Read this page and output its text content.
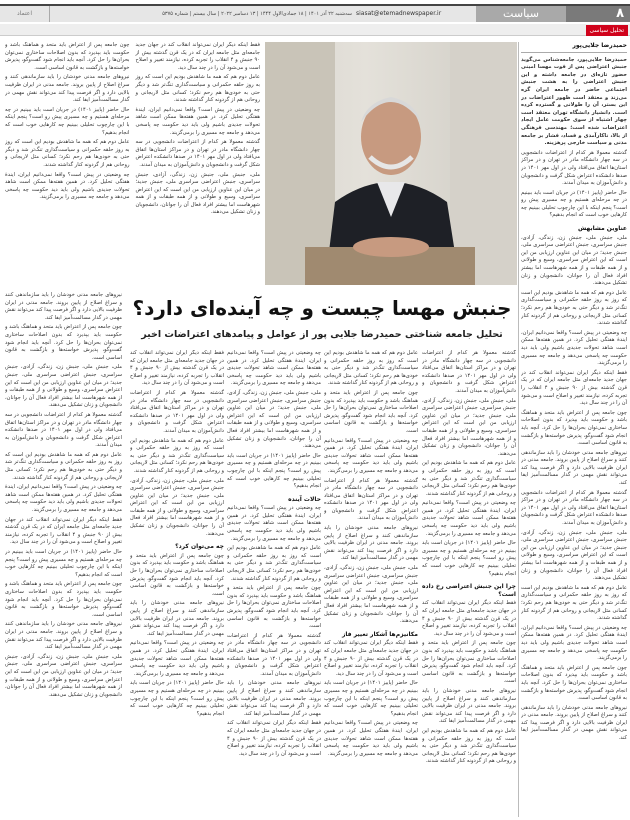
۸
سیاست
siasat@etemadnewspaper.ir
سه‌شنبه ۲۲ آذر ۱۴۰۱ | ۱۸ جمادی‌الاول ۱۴۴۴ | ۱۳ دسامبر ۲۰۲۲ | سال بیستم | شماره ۵۳۷۵
اعتماد
تحلیل سیاسی
حمیدرضا جلایی‌پور

حمیدرضا جلایی‌پور، جامعه‌شناس می‌گوید جنبش اعتراضی پس از فوت مهسا امینی حضور تازه‌ای در جامعه داشته و این جنبش اعتراضی را به هشت جنبش اجتماعی حاضر در جامعه ایران گره می‌زند و معتقد است ظهور اعتراضات در این بستر، آن را طولانی و گسترده کرده است. دانشیار دانشگاه تهران معتقد است چهار اشتباه از سوی حکومت عامل ایجاد اعتراضات شده است؛ مهندسی فرهنگی از بالا، ناکارآمدی و فساد، فشار بر جامعه مدنی و سیاست خارجی پرهزینه.

گذشته معمولا هر کدام از اعتراضات دانشجویی در سه چهار دانشگاه مادر در تهران و در مراکز استان‌ها اتفاق می‌افتاد ولی در اول مهر ۱۴۰۱ در صدها دانشکده اعتراض شکل گرفت و دانشجویان و دانش‌آموزان به میدان آمدند.

حال حاضر (پاییز ۱۴۰۱) در جریان است باید ببینیم در چه مرحله‌ای هستیم و چه مسیری پیش رو است؟ پنجم اینکه با این چارچوب تحلیلی ببینیم چه کارهایی خوب است که انجام بدهیم؟

عناوین مشابهش

ملی، جنبش ملی، جنبش زن، زندگی، آزادی، جنبش سراسری، جنبش اعتراضی سراسری ملی، جنبش جدید؛ در میان این عناوین ارزیابی من این است که این اعتراض سراسری، وسیع و طولانی و از همه طبقات و از همه شهرهاست اما بیشتر افراد فعال آن را جوانان، دانشجویان و زنان تشکیل می‌دهند.

عامل دوم هم که همه ما شاهدش بودیم این است که روز به روز حلقه حکمرانی و سیاست‌گذاری تنگ‌تر شد و دیگر حتی به خودی‌ها هم رحم نکرد؛ کسانی مثل لاریجانی و روحانی هم از گردونه کنار گذاشته شدند.

چه وضعیتی در پیش است؟ واقعا نمی‌دانیم ایران، ایندۀ هفتگی تحلیل کرد. در همین هفته‌ها ممکن است شاهد تحولات جدیدی باشیم ولی باید دید حکومت چه پاسخی می‌دهد و جامعه چه مسیری را برمی‌گزیند.

فقط اینکه دیگر ایران نمی‌تواند انقلاب کند در جهان جدید جامعه‌ای مثل جامعه ایران که در یک قرن گذشته بیش از ۹۰ جنبش و ۴ انقلاب را تجربه کرده، نیازمند تغییر و اصلاح است و می‌شود آن را در چند سال دید.

چون جامعه پس از اعتراض باید متحد و هماهنگ باشد و حکومت باید بپذیرد که بدون اصلاحات ساختاری نمی‌توان بحران‌ها را حل کرد. آنچه باید انجام شود گفت‌وگو، پذیرش خواسته‌ها و بازگشت به قانون اساسی است.

نیروهای جامعه مدنی خودشان را باید سازماندهی کنند و سراغ اصلاح از پایین بروند. جامعه مدنی در ایران ظرفیت بالایی دارد و اگر فرصت پیدا کند می‌تواند نقش مهمی در گذار مسالمت‌آمیز ایفا کند.

گذشته معمولا هر کدام از اعتراضات دانشجویی در سه چهار دانشگاه مادر در تهران و در مراکز استان‌ها اتفاق می‌افتاد ولی در اول مهر ۱۴۰۱ در صدها دانشکده اعتراض شکل گرفت و دانشجویان و دانش‌آموزان به میدان آمدند.

ملی، جنبش ملی، جنبش زن، زندگی، آزادی، جنبش سراسری، جنبش اعتراضی سراسری ملی، جنبش جدید؛ در میان این عناوین ارزیابی من این است که این اعتراض سراسری، وسیع و طولانی و از همه طبقات و از همه شهرهاست اما بیشتر افراد فعال آن را جوانان، دانشجویان و زنان تشکیل می‌دهند.

عامل دوم هم که همه ما شاهدش بودیم این است که روز به روز حلقه حکمرانی و سیاست‌گذاری تنگ‌تر شد و دیگر حتی به خودی‌ها هم رحم نکرد؛ کسانی مثل لاریجانی و روحانی هم از گردونه کنار گذاشته شدند.

چه وضعیتی در پیش است؟ واقعا نمی‌دانیم ایران، ایندۀ هفتگی تحلیل کرد. در همین هفته‌ها ممکن است شاهد تحولات جدیدی باشیم ولی باید دید حکومت چه پاسخی می‌دهد و جامعه چه مسیری را برمی‌گزیند.

چون جامعه پس از اعتراض باید متحد و هماهنگ باشد و حکومت باید بپذیرد که بدون اصلاحات ساختاری نمی‌توان بحران‌ها را حل کرد. آنچه باید انجام شود گفت‌وگو، پذیرش خواسته‌ها و بازگشت به قانون اساسی است.

نیروهای جامعه مدنی خودشان را باید سازماندهی کنند و سراغ اصلاح از پایین بروند. جامعه مدنی در ایران ظرفیت بالایی دارد و اگر فرصت پیدا کند می‌تواند نقش مهمی در گذار مسالمت‌آمیز ایفا کند.

فقط اینکه دیگر ایران نمی‌تواند انقلاب کند در جهان جدید جامعه‌ای مثل جامعه ایران که در یک قرن گذشته بیش از ۹۰ جنبش و ۴ انقلاب را تجربه کرده، نیازمند تغییر و اصلاح است و می‌شود آن را در چند سال دید.

عامل دوم هم که همه ما شاهدش بودیم این است که روز به روز حلقه حکمرانی و سیاست‌گذاری تنگ‌تر شد و دیگر حتی به خودی‌ها هم رحم نکرد؛ کسانی مثل لاریجانی و روحانی هم از گردونه کنار گذاشته شدند.

چه وضعیتی در پیش است؟ واقعا نمی‌دانیم ایران، ایندۀ هفتگی تحلیل کرد. در همین هفته‌ها ممکن است شاهد تحولات جدیدی باشیم ولی باید دید حکومت چه پاسخی می‌دهد و جامعه چه مسیری را برمی‌گزیند.

گذشته معمولا هر کدام از اعتراضات دانشجویی در سه چهار دانشگاه مادر در تهران و در مراکز استان‌ها اتفاق می‌افتاد ولی در اول مهر ۱۴۰۱ در صدها دانشکده اعتراض شکل گرفت و دانشجویان و دانش‌آموزان به میدان آمدند.

ملی، جنبش ملی، جنبش زن، زندگی، آزادی، جنبش سراسری، جنبش اعتراضی سراسری ملی، جنبش جدید؛ در میان این عناوین ارزیابی من این است که این اعتراض سراسری، وسیع و طولانی و از همه طبقات و از همه شهرهاست اما بیشتر افراد فعال آن را جوانان، دانشجویان و زنان تشکیل می‌دهند.

چون جامعه پس از اعتراض باید متحد و هماهنگ باشد و حکومت باید بپذیرد که بدون اصلاحات ساختاری نمی‌توان بحران‌ها را حل کرد. آنچه باید انجام شود گفت‌وگو، پذیرش خواسته‌ها و بازگشت به قانون اساسی است.

نیروهای جامعه مدنی خودشان را باید سازماندهی کنند و سراغ اصلاح از پایین بروند. جامعه مدنی در ایران ظرفیت بالایی دارد و اگر فرصت پیدا کند می‌تواند نقش مهمی در گذار مسالمت‌آمیز ایفا کند.

حال حاضر (پاییز ۱۴۰۱) در جریان است باید ببینیم در چه مرحله‌ای هستیم و چه مسیری پیش رو است؟ پنجم اینکه با این چارچوب تحلیلی ببینیم چه کارهایی خوب است که انجام بدهیم؟

عامل دوم هم که همه ما شاهدش بودیم این است که روز به روز حلقه حکمرانی و سیاست‌گذاری تنگ‌تر شد و دیگر حتی به خودی‌ها هم رحم نکرد؛ کسانی مثل لاریجانی و روحانی هم از گردونه کنار گذاشته شدند.

چه وضعیتی در پیش است؟ واقعا نمی‌دانیم ایران، ایندۀ هفتگی تحلیل کرد. در همین هفته‌ها ممکن است شاهد تحولات جدیدی باشیم ولی باید دید حکومت چه پاسخی می‌دهد و جامعه چه مسیری را برمی‌گزیند.

جنبش مهسا چیست و چه آینده‌ای دارد؟
تحلیل جامعه شناختی حمیدرضا جلایی پور از عوامل و پیامدهای اعتراضات اخیر

گذشته معمولا هر کدام از اعتراضات دانشجویی در سه چهار دانشگاه مادر در تهران و در مراکز استان‌ها اتفاق می‌افتاد ولی در اول مهر ۱۴۰۱ در صدها دانشکده اعتراض شکل گرفت و دانشجویان و دانش‌آموزان به میدان آمدند.

ملی، جنبش ملی، جنبش زن، زندگی، آزادی، جنبش سراسری، جنبش اعتراضی سراسری ملی، جنبش جدید؛ در میان این عناوین ارزیابی من این است که این اعتراض سراسری، وسیع و طولانی و از همه طبقات و از همه شهرهاست اما بیشتر افراد فعال آن را جوانان، دانشجویان و زنان تشکیل می‌دهند.

عامل دوم هم که همه ما شاهدش بودیم این است که روز به روز حلقه حکمرانی و سیاست‌گذاری تنگ‌تر شد و دیگر حتی به خودی‌ها هم رحم نکرد؛ کسانی مثل لاریجانی و روحانی هم از گردونه کنار گذاشته شدند.

چه وضعیتی در پیش است؟ واقعا نمی‌دانیم ایران، ایندۀ هفتگی تحلیل کرد. در همین هفته‌ها ممکن است شاهد تحولات جدیدی باشیم ولی باید دید حکومت چه پاسخی می‌دهد و جامعه چه مسیری را برمی‌گزیند.

حال حاضر (پاییز ۱۴۰۱) در جریان است باید ببینیم در چه مرحله‌ای هستیم و چه مسیری پیش رو است؟ پنجم اینکه با این چارچوب تحلیلی ببینیم چه کارهایی خوب است که انجام بدهیم؟

چرا این جنبش اعتراضی رخ داده است؟

فقط اینکه دیگر ایران نمی‌تواند انقلاب کند در جهان جدید جامعه‌ای مثل جامعه ایران که در یک قرن گذشته بیش از ۹۰ جنبش و ۴ انقلاب را تجربه کرده، نیازمند تغییر و اصلاح است و می‌شود آن را در چند سال دید.

چون جامعه پس از اعتراض باید متحد و هماهنگ باشد و حکومت باید بپذیرد که بدون اصلاحات ساختاری نمی‌توان بحران‌ها را حل کرد. آنچه باید انجام شود گفت‌وگو، پذیرش خواسته‌ها و بازگشت به قانون اساسی است.

نیروهای جامعه مدنی خودشان را باید سازماندهی کنند و سراغ اصلاح از پایین بروند. جامعه مدنی در ایران ظرفیت بالایی دارد و اگر فرصت پیدا کند می‌تواند نقش مهمی در گذار مسالمت‌آمیز ایفا کند.

عامل دوم هم که همه ما شاهدش بودیم این است که روز به روز حلقه حکمرانی و سیاست‌گذاری تنگ‌تر شد و دیگر حتی به خودی‌ها هم رحم نکرد؛ کسانی مثل لاریجانی و روحانی هم از گردونه کنار گذاشته شدند.

عامل دوم هم که همه ما شاهدش بودیم این است که روز به روز حلقه حکمرانی و سیاست‌گذاری تنگ‌تر شد و دیگر حتی به خودی‌ها هم رحم نکرد؛ کسانی مثل لاریجانی و روحانی هم از گردونه کنار گذاشته شدند.

چون جامعه پس از اعتراض باید متحد و هماهنگ باشد و حکومت باید بپذیرد که بدون اصلاحات ساختاری نمی‌توان بحران‌ها را حل کرد. آنچه باید انجام شود گفت‌وگو، پذیرش خواسته‌ها و بازگشت به قانون اساسی است.

چه وضعیتی در پیش است؟ واقعا نمی‌دانیم ایران، ایندۀ هفتگی تحلیل کرد. در همین هفته‌ها ممکن است شاهد تحولات جدیدی باشیم ولی باید دید حکومت چه پاسخی می‌دهد و جامعه چه مسیری را برمی‌گزیند.

گذشته معمولا هر کدام از اعتراضات دانشجویی در سه چهار دانشگاه مادر در تهران و در مراکز استان‌ها اتفاق می‌افتاد ولی در اول مهر ۱۴۰۱ در صدها دانشکده اعتراض شکل گرفت و دانشجویان و دانش‌آموزان به میدان آمدند.

نیروهای جامعه مدنی خودشان را باید سازماندهی کنند و سراغ اصلاح از پایین بروند. جامعه مدنی در ایران ظرفیت بالایی دارد و اگر فرصت پیدا کند می‌تواند نقش مهمی در گذار مسالمت‌آمیز ایفا کند.

ملی، جنبش ملی، جنبش زن، زندگی، آزادی، جنبش سراسری، جنبش اعتراضی سراسری ملی، جنبش جدید؛ در میان این عناوین ارزیابی من این است که این اعتراض سراسری، وسیع و طولانی و از همه طبقات و از همه شهرهاست اما بیشتر افراد فعال آن را جوانان، دانشجویان و زنان تشکیل می‌دهند.

مکانیزم‌ها آشکار تغییر فاز

فقط اینکه دیگر ایران نمی‌تواند انقلاب کند در جهان جدید جامعه‌ای مثل جامعه ایران که در یک قرن گذشته بیش از ۹۰ جنبش و ۴ انقلاب را تجربه کرده، نیازمند تغییر و اصلاح است و می‌شود آن را در چند سال دید.

حال حاضر (پاییز ۱۴۰۱) در جریان است باید ببینیم در چه مرحله‌ای هستیم و چه مسیری پیش رو است؟ پنجم اینکه با این چارچوب تحلیلی ببینیم چه کارهایی خوب است که انجام بدهیم؟

چه وضعیتی در پیش است؟ واقعا نمی‌دانیم ایران، ایندۀ هفتگی تحلیل کرد. در همین هفته‌ها ممکن است شاهد تحولات جدیدی باشیم ولی باید دید حکومت چه پاسخی می‌دهد و جامعه چه مسیری را برمی‌گزیند.

چه وضعیتی در پیش است؟ واقعا نمی‌دانیم ایران، ایندۀ هفتگی تحلیل کرد. در همین هفته‌ها ممکن است شاهد تحولات جدیدی باشیم ولی باید دید حکومت چه پاسخی می‌دهد و جامعه چه مسیری را برمی‌گزیند.

ملی، جنبش ملی، جنبش زن، زندگی، آزادی، جنبش سراسری، جنبش اعتراضی سراسری ملی، جنبش جدید؛ در میان این عناوین ارزیابی من این است که این اعتراض سراسری، وسیع و طولانی و از همه طبقات و از همه شهرهاست اما بیشتر افراد فعال آن را جوانان، دانشجویان و زنان تشکیل می‌دهند.

حال حاضر (پاییز ۱۴۰۱) در جریان است باید ببینیم در چه مرحله‌ای هستیم و چه مسیری پیش رو است؟ پنجم اینکه با این چارچوب تحلیلی ببینیم چه کارهایی خوب است که انجام بدهیم؟

حالات آینده

چه وضعیتی در پیش است؟ واقعا نمی‌دانیم ایران، ایندۀ هفتگی تحلیل کرد. در همین هفته‌ها ممکن است شاهد تحولات جدیدی باشیم ولی باید دید حکومت چه پاسخی می‌دهد و جامعه چه مسیری را برمی‌گزیند.

عامل دوم هم که همه ما شاهدش بودیم این است که روز به روز حلقه حکمرانی و سیاست‌گذاری تنگ‌تر شد و دیگر حتی به خودی‌ها هم رحم نکرد؛ کسانی مثل لاریجانی و روحانی هم از گردونه کنار گذاشته شدند.

چون جامعه پس از اعتراض باید متحد و هماهنگ باشد و حکومت باید بپذیرد که بدون اصلاحات ساختاری نمی‌توان بحران‌ها را حل کرد. آنچه باید انجام شود گفت‌وگو، پذیرش خواسته‌ها و بازگشت به قانون اساسی است.

گذشته معمولا هر کدام از اعتراضات دانشجویی در سه چهار دانشگاه مادر در تهران و در مراکز استان‌ها اتفاق می‌افتاد ولی در اول مهر ۱۴۰۱ در صدها دانشکده اعتراض شکل گرفت و دانشجویان و دانش‌آموزان به میدان آمدند.

نیروهای جامعه مدنی خودشان را باید سازماندهی کنند و سراغ اصلاح از پایین بروند. جامعه مدنی در ایران ظرفیت بالایی دارد و اگر فرصت پیدا کند می‌تواند نقش مهمی در گذار مسالمت‌آمیز ایفا کند.

فقط اینکه دیگر ایران نمی‌تواند انقلاب کند در جهان جدید جامعه‌ای مثل جامعه ایران که در یک قرن گذشته بیش از ۹۰ جنبش و ۴ انقلاب را تجربه کرده، نیازمند تغییر و اصلاح است و می‌شود آن را در چند سال دید.

فقط اینکه دیگر ایران نمی‌تواند انقلاب کند در جهان جدید جامعه‌ای مثل جامعه ایران که در یک قرن گذشته بیش از ۹۰ جنبش و ۴ انقلاب را تجربه کرده، نیازمند تغییر و اصلاح است و می‌شود آن را در چند سال دید.

گذشته معمولا هر کدام از اعتراضات دانشجویی در سه چهار دانشگاه مادر در تهران و در مراکز استان‌ها اتفاق می‌افتاد ولی در اول مهر ۱۴۰۱ در صدها دانشکده اعتراض شکل گرفت و دانشجویان و دانش‌آموزان به میدان آمدند.

عامل دوم هم که همه ما شاهدش بودیم این است که روز به روز حلقه حکمرانی و سیاست‌گذاری تنگ‌تر شد و دیگر حتی به خودی‌ها هم رحم نکرد؛ کسانی مثل لاریجانی و روحانی هم از گردونه کنار گذاشته شدند.

ملی، جنبش ملی، جنبش زن، زندگی، آزادی، جنبش سراسری، جنبش اعتراضی سراسری ملی، جنبش جدید؛ در میان این عناوین ارزیابی من این است که این اعتراض سراسری، وسیع و طولانی و از همه طبقات و از همه شهرهاست اما بیشتر افراد فعال آن را جوانان، دانشجویان و زنان تشکیل می‌دهند.

چه می‌توان کرد؟

چون جامعه پس از اعتراض باید متحد و هماهنگ باشد و حکومت باید بپذیرد که بدون اصلاحات ساختاری نمی‌توان بحران‌ها را حل کرد. آنچه باید انجام شود گفت‌وگو، پذیرش خواسته‌ها و بازگشت به قانون اساسی است.

نیروهای جامعه مدنی خودشان را باید سازماندهی کنند و سراغ اصلاح از پایین بروند. جامعه مدنی در ایران ظرفیت بالایی دارد و اگر فرصت پیدا کند می‌تواند نقش مهمی در گذار مسالمت‌آمیز ایفا کند.

چه وضعیتی در پیش است؟ واقعا نمی‌دانیم ایران، ایندۀ هفتگی تحلیل کرد. در همین هفته‌ها ممکن است شاهد تحولات جدیدی باشیم ولی باید دید حکومت چه پاسخی می‌دهد و جامعه چه مسیری را برمی‌گزیند.

حال حاضر (پاییز ۱۴۰۱) در جریان است باید ببینیم در چه مرحله‌ای هستیم و چه مسیری پیش رو است؟ پنجم اینکه با این چارچوب تحلیلی ببینیم چه کارهایی خوب است که انجام بدهیم؟

نیروهای جامعه مدنی خودشان را باید سازماندهی کنند و سراغ اصلاح از پایین بروند. جامعه مدنی در ایران ظرفیت بالایی دارد و اگر فرصت پیدا کند می‌تواند نقش مهمی در گذار مسالمت‌آمیز ایفا کند.

چون جامعه پس از اعتراض باید متحد و هماهنگ باشد و حکومت باید بپذیرد که بدون اصلاحات ساختاری نمی‌توان بحران‌ها را حل کرد. آنچه باید انجام شود گفت‌وگو، پذیرش خواسته‌ها و بازگشت به قانون اساسی است.

ملی، جنبش ملی، جنبش زن، زندگی، آزادی، جنبش سراسری، جنبش اعتراضی سراسری ملی، جنبش جدید؛ در میان این عناوین ارزیابی من این است که این اعتراض سراسری، وسیع و طولانی و از همه طبقات و از همه شهرهاست اما بیشتر افراد فعال آن را جوانان، دانشجویان و زنان تشکیل می‌دهند.

گذشته معمولا هر کدام از اعتراضات دانشجویی در سه چهار دانشگاه مادر در تهران و در مراکز استان‌ها اتفاق می‌افتاد ولی در اول مهر ۱۴۰۱ در صدها دانشکده اعتراض شکل گرفت و دانشجویان و دانش‌آموزان به میدان آمدند.

عامل دوم هم که همه ما شاهدش بودیم این است که روز به روز حلقه حکمرانی و سیاست‌گذاری تنگ‌تر شد و دیگر حتی به خودی‌ها هم رحم نکرد؛ کسانی مثل لاریجانی و روحانی هم از گردونه کنار گذاشته شدند.

چه وضعیتی در پیش است؟ واقعا نمی‌دانیم ایران، ایندۀ هفتگی تحلیل کرد. در همین هفته‌ها ممکن است شاهد تحولات جدیدی باشیم ولی باید دید حکومت چه پاسخی می‌دهد و جامعه چه مسیری را برمی‌گزیند.

فقط اینکه دیگر ایران نمی‌تواند انقلاب کند در جهان جدید جامعه‌ای مثل جامعه ایران که در یک قرن گذشته بیش از ۹۰ جنبش و ۴ انقلاب را تجربه کرده، نیازمند تغییر و اصلاح است و می‌شود آن را در چند سال دید.

حال حاضر (پاییز ۱۴۰۱) در جریان است باید ببینیم در چه مرحله‌ای هستیم و چه مسیری پیش رو است؟ پنجم اینکه با این چارچوب تحلیلی ببینیم چه کارهایی خوب است که انجام بدهیم؟

چون جامعه پس از اعتراض باید متحد و هماهنگ باشد و حکومت باید بپذیرد که بدون اصلاحات ساختاری نمی‌توان بحران‌ها را حل کرد. آنچه باید انجام شود گفت‌وگو، پذیرش خواسته‌ها و بازگشت به قانون اساسی است.

نیروهای جامعه مدنی خودشان را باید سازماندهی کنند و سراغ اصلاح از پایین بروند. جامعه مدنی در ایران ظرفیت بالایی دارد و اگر فرصت پیدا کند می‌تواند نقش مهمی در گذار مسالمت‌آمیز ایفا کند.

ملی، جنبش ملی، جنبش زن، زندگی، آزادی، جنبش سراسری، جنبش اعتراضی سراسری ملی، جنبش جدید؛ در میان این عناوین ارزیابی من این است که این اعتراض سراسری، وسیع و طولانی و از همه طبقات و از همه شهرهاست اما بیشتر افراد فعال آن را جوانان، دانشجویان و زنان تشکیل می‌دهند.
